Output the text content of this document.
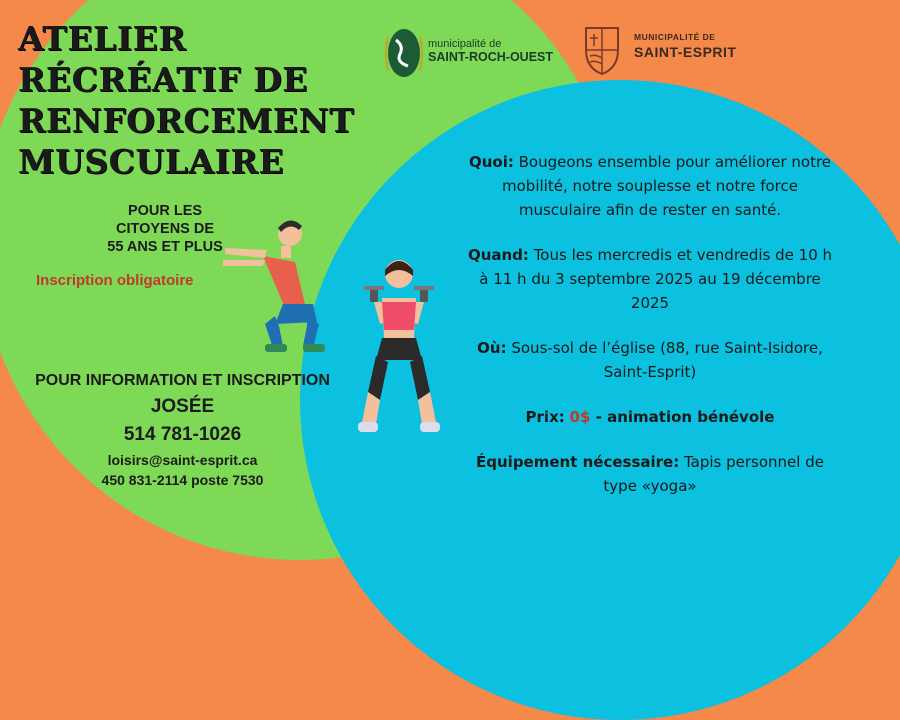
ATELIER
RÉCRÉATIF DE
RENFORCEMENT
MUSCULAIRE
POUR LES
CITOYENS DE
55 ANS ET PLUS
Inscription obligatoire
POUR INFORMATION ET INSCRIPTION
JOSÉE
514 781-1026
loisirs@saint-esprit.ca
450 831-2114 poste 7530
municipalité de
SAINT-ROCH-OUEST
MUNICIPALITÉ DE
SAINT-ESPRIT

Quoi: Bougeons ensemble pour améliorer notre mobilité, notre souplesse et notre force musculaire afin de rester en santé.

Quand: Tous les mercredis et vendredis de 10 h à 11 h du 3 septembre 2025 au 19 décembre 2025

Où: Sous-sol de l’église (88, rue Saint-Isidore, Saint-Esprit)

Prix: 0$ - animation bénévole

Équipement nécessaire: Tapis personnel de type «yoga»
